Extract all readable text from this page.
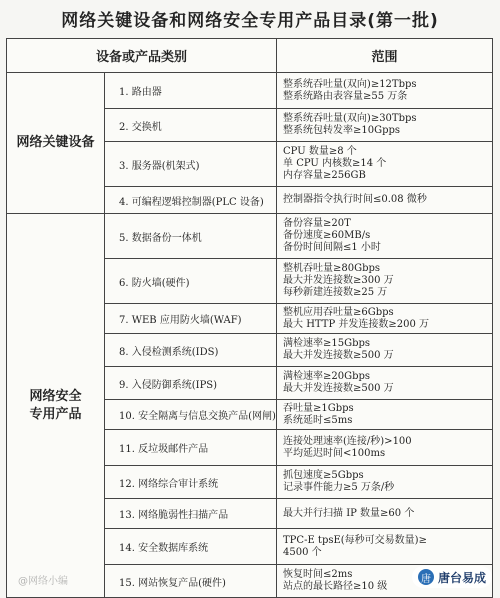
网络关键设备和网络安全专用产品目录(第一批)
设备或产品类别		范围

网络关键设备	1. 路由器	整系统吞吐量(双向)≥12Tbps
整系统路由表容量≥55 万条

	2. 交换机	整系统吞吐量(双向)≥30Tbps
整系统包转发率≥10Gpps

	3. 服务器(机架式)	CPU 数量≥8 个
单 CPU 内核数≥14 个
内存容量≥256GB

	4. 可编程逻辑控制器(PLC 设备)	控制器指令执行时间≤0.08 微秒

网络安全
专用产品	5. 数据备份一体机	备份容量≥20T
备份速度≥60MB/s
备份时间间隔≤1 小时

	6. 防火墙(硬件)	整机吞吐量≥80Gbps
最大并发连接数≥300 万
每秒新建连接数≥25 万

	7. WEB 应用防火墙(WAF)	整机应用吞吐量≥6Gbps
最大 HTTP 并发连接数≥200 万

	8. 入侵检测系统(IDS)	满检速率≥15Gbps
最大并发连接数≥500 万

	9. 入侵防御系统(IPS)	满检速率≥20Gbps
最大并发连接数≥500 万

	10. 安全隔离与信息交换产品(网闸)	吞吐量≥1Gbps
系统延时≤5ms

	11. 反垃圾邮件产品	连接处理速率(连接/秒)>100
平均延迟时间<100ms

	12. 网络综合审计系统	抓包速度≥5Gbps
记录事件能力≥5 万条/秒

	13. 网络脆弱性扫描产品	最大并行扫描 IP 数量≥60 个

	14. 安全数据库系统	TPC-E tpsE(每秒可交易数量)≥
4500 个

	15. 网站恢复产品(硬件)	恢复时间≤2ms
站点的最长路径≥10 级
@网络小编	唐 唐台易成
